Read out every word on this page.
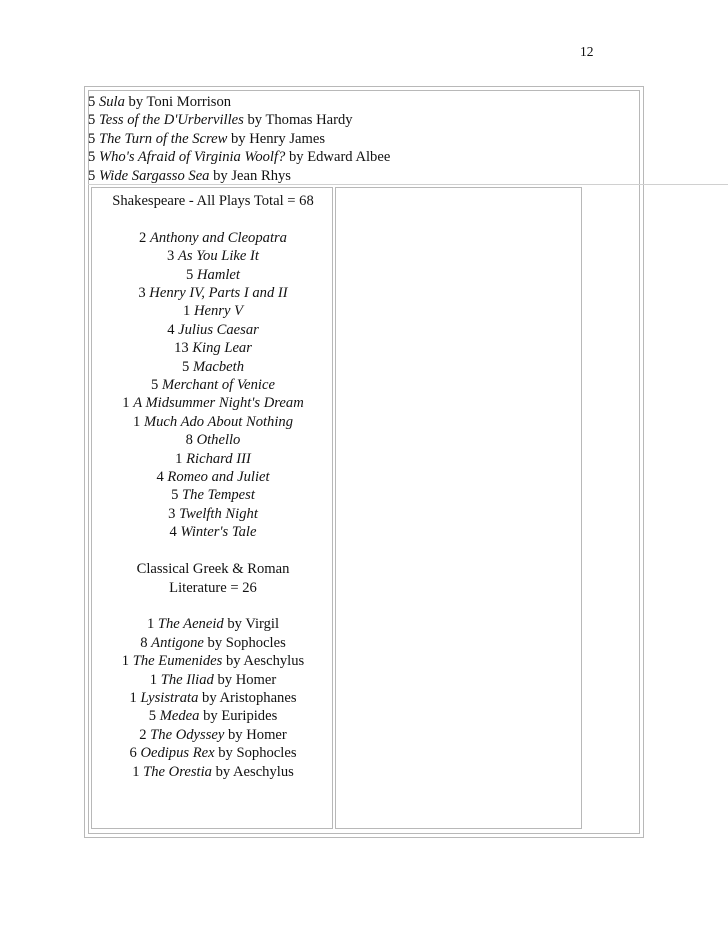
12
5 Sula by Toni Morrison
5 Tess of the D'Urbervilles by Thomas Hardy
5 The Turn of the Screw by Henry James
5 Who's Afraid of Virginia Woolf? by Edward Albee
5 Wide Sargasso Sea by Jean Rhys
Shakespeare - All Plays Total = 68
2 Anthony and Cleopatra
3 As You Like It
5 Hamlet
3 Henry IV, Parts I and II
1 Henry V
4 Julius Caesar
13 King Lear
5 Macbeth
5 Merchant of Venice
1 A Midsummer Night's Dream
1 Much Ado About Nothing
8 Othello
1 Richard III
4 Romeo and Juliet
5 The Tempest
3 Twelfth Night
4 Winter's Tale
Classical Greek & Roman
Literature = 26
1 The Aeneid by Virgil
8 Antigone by Sophocles
1 The Eumenides by Aeschylus
1 The Iliad by Homer
1 Lysistrata by Aristophanes
5 Medea by Euripides
2 The Odyssey by Homer
6 Oedipus Rex by Sophocles
1 The Orestia by Aeschylus
